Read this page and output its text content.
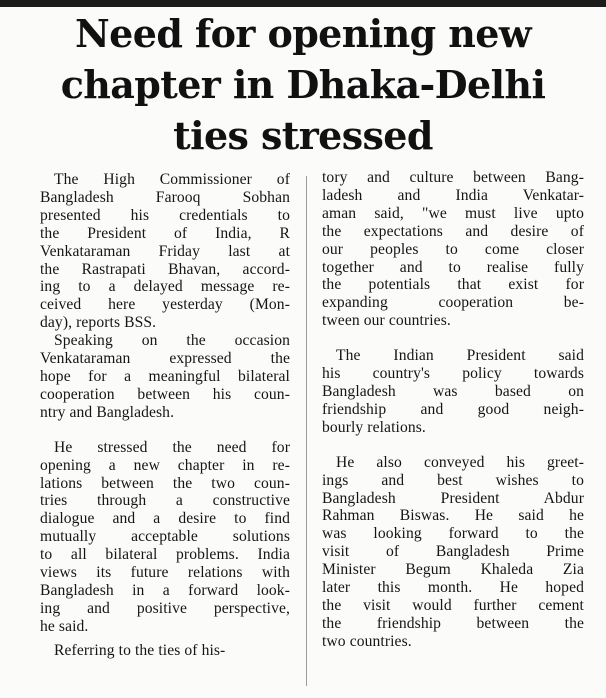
Need for opening new
chapter in Dhaka-Delhi
ties stressed

The High Commissioner of
Bangladesh Farooq Sobhan
presented his credentials to
the President of India, R
Venkataraman Friday last at
the Rastrapati Bhavan, accord-
ing to a delayed message re-
ceived here yesterday (Mon-
day), reports BSS.

Speaking on the occasion
Venkataraman expressed the
hope for a meaningful bilateral
cooperation between his coun-
ntry and Bangladesh.

He stressed the need for
opening a new chapter in re-
lations between the two coun-
tries through a constructive
dialogue and a desire to find
mutually acceptable solutions
to all bilateral problems. India
views its future relations with
Bangladesh in a forward look-
ing and positive perspective,
he said.

Referring to the ties of his-

tory and culture between Bang-
ladesh and India Venkatar-
aman said, "we must live upto
the expectations and desire of
our peoples to come closer
together and to realise fully
the potentials that exist for
expanding cooperation be-
tween our countries.

The Indian President said
his country's policy towards
Bangladesh was based on
friendship and good neigh-
bourly relations.

He also conveyed his greet-
ings and best wishes to
Bangladesh President Abdur
Rahman Biswas. He said he
was looking forward to the
visit of Bangladesh Prime
Minister Begum Khaleda Zia
later this month. He hoped
the visit would further cement
the friendship between the
two countries.
